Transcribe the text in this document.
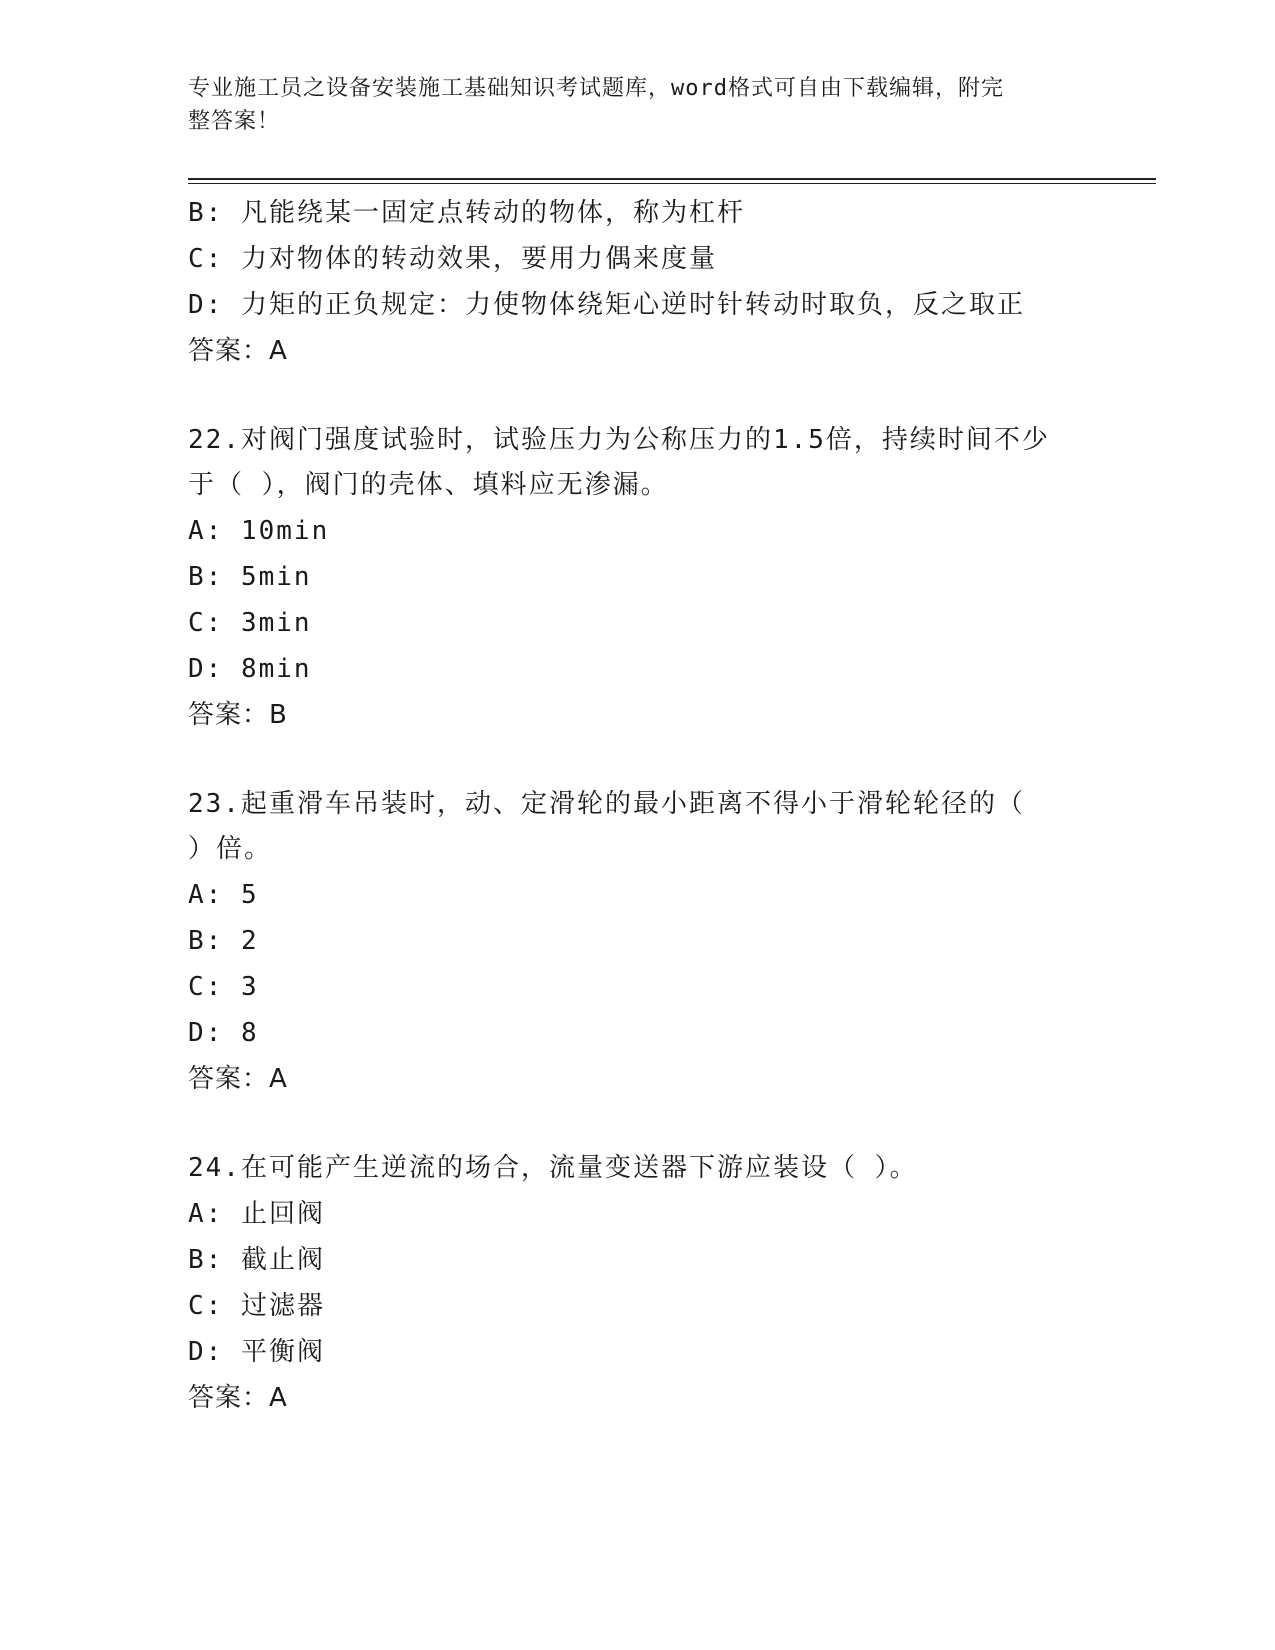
专业施工员之设备安装施工基础知识考试题库，word格式可自由下载编辑，附完
整答案！
B: 凡能绕某一固定点转动的物体，称为杠杆
C: 力对物体的转动效果，要用力偶来度量
D: 力矩的正负规定：力使物体绕矩心逆时针转动时取负，反之取正
答案：A
22.对阀门强度试验时，试验压力为公称压力的1.5倍，持续时间不少
于（ ），阀门的壳体、填料应无渗漏。
A: 10min
B: 5min
C: 3min
D: 8min
答案：B
23.起重滑车吊装时，动、定滑轮的最小距离不得小于滑轮轮径的（
）倍。
A: 5
B: 2
C: 3
D: 8
答案：A
24.在可能产生逆流的场合，流量变送器下游应装设（ ）。
A: 止回阀
B: 截止阀
C: 过滤器
D: 平衡阀
答案：A
